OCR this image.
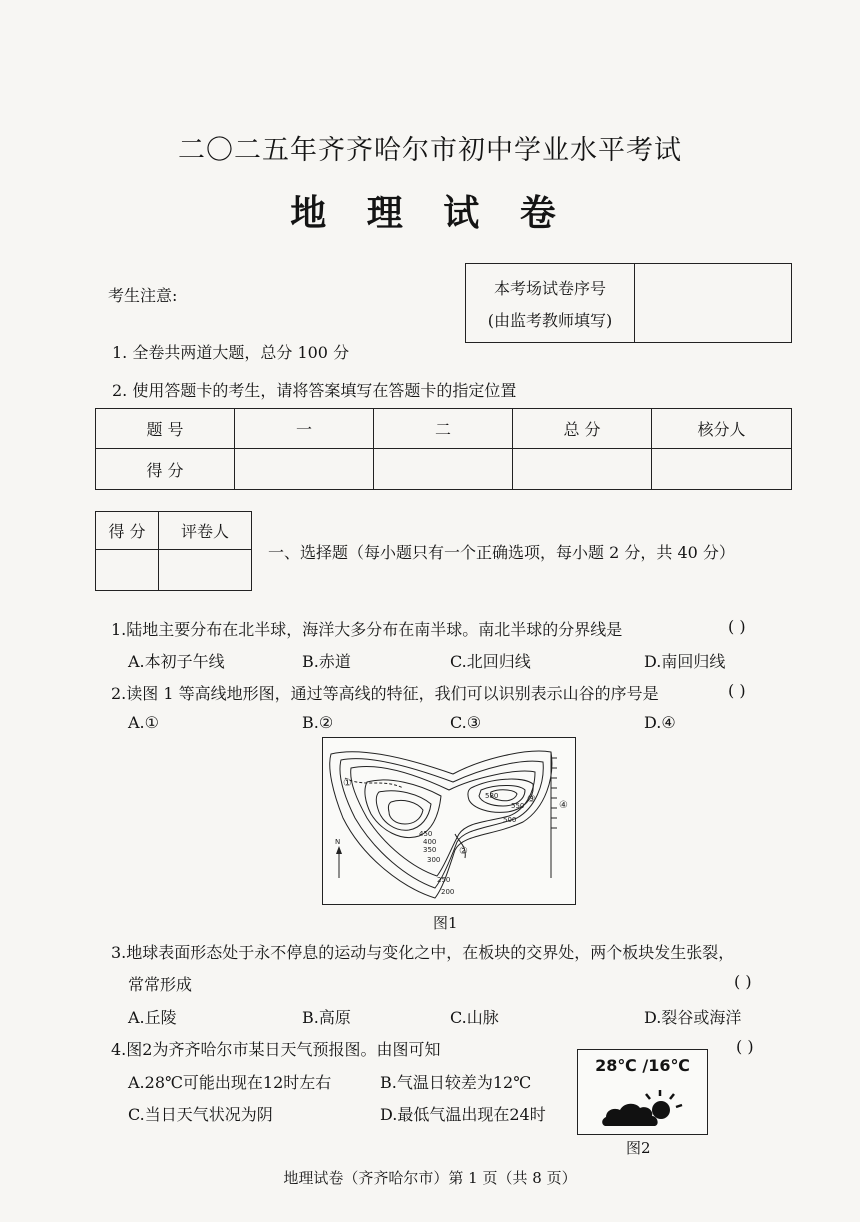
二〇二五年齐齐哈尔市初中学业水平考试
地 理 试 卷
本考场试卷序号
(由监考教师填写)

考生注意:
1. 全卷共两道大题，总分 100 分
2. 使用答题卡的考生，请将答案填写在答题卡的指定位置
题 号	一	二	总 分	核分人
得 分				
得 分	评卷人

一、选择题（每小题只有一个正确选项，每小题 2 分，共 40 分）
1.陆地主要分布在北半球，海洋大多分布在南半球。南北半球的分界线是	( )
A.本初子午线	B.赤道	C.北回归线	D.南回归线
2.读图 1 等高线地形图，通过等高线的特征，我们可以识别表示山谷的序号是	( )
A.①	B.②	C.③	D.④
N
450
400
350
300
250
200
580
550
500
①
②
③
④
图1
3.地球表面形态处于永不停息的运动与变化之中，在板块的交界处，两个板块发生张裂，
常常形成	( )
A.丘陵	B.高原	C.山脉	D.裂谷或海洋
4.图2为齐齐哈尔市某日天气预报图。由图可知	( )
A.28℃可能出现在12时左右	B.气温日较差为12℃
C.当日天气状况为阴	D.最低气温出现在24时
28℃ /16℃
图2
地理试卷（齐齐哈尔市）第 1 页（共 8 页）
